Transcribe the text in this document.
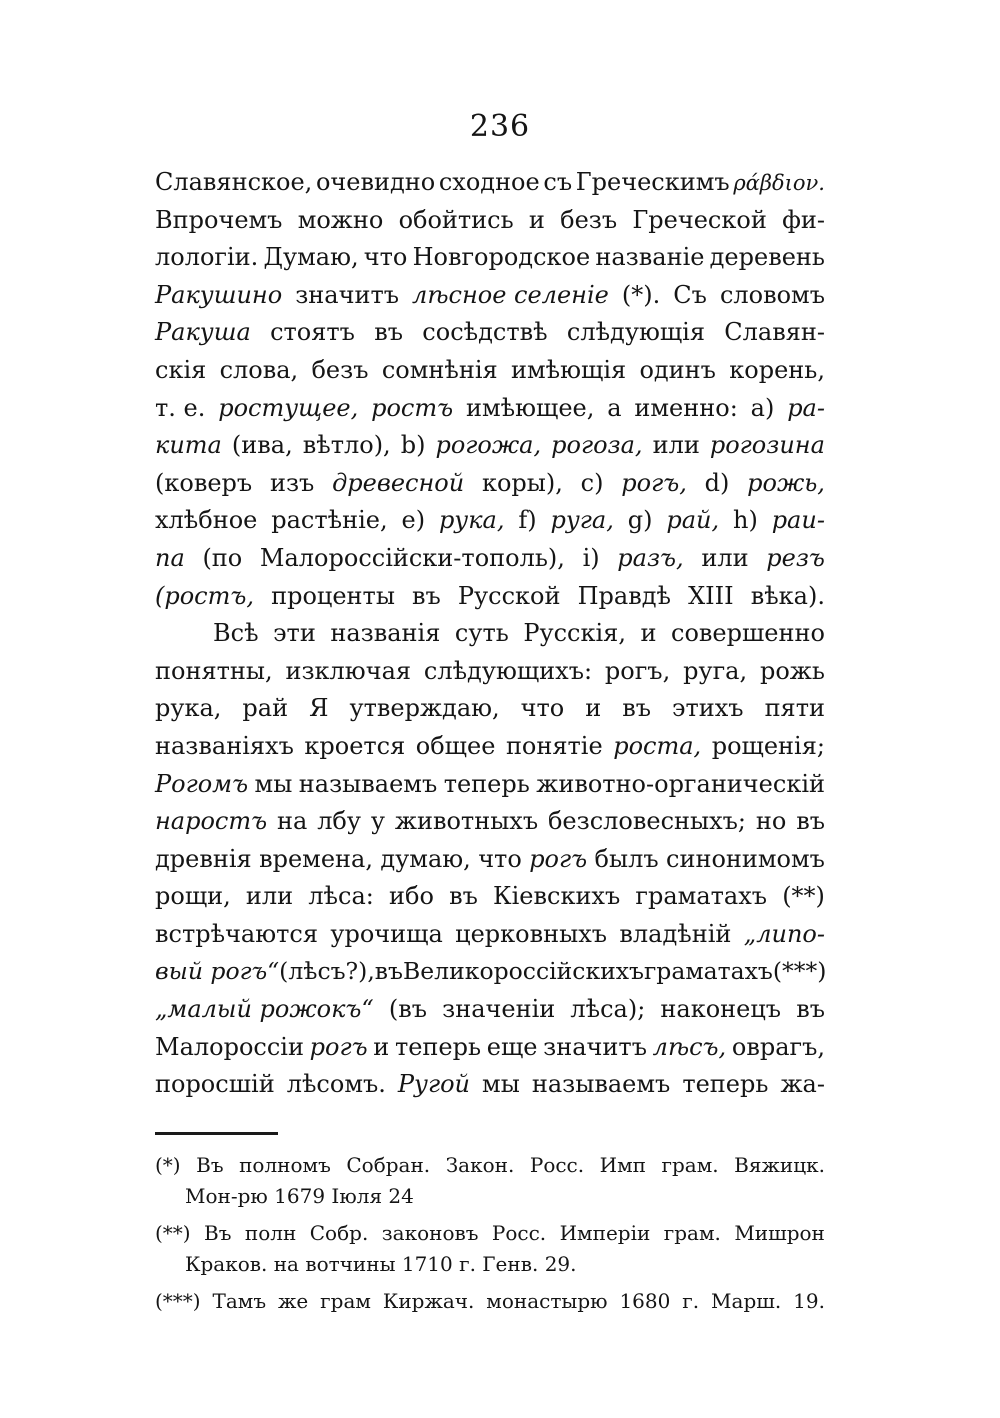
236
Славянское, очевидно сходное съ Греческимъ ράβδιον.
Впрочемъ можно обойтись и безъ Греческой фи-
лологiи. Думаю, что Новгородское названiе деревень
Ракушино значитъ лѣсное селенiе (*). Съ словомъ
Ракуша стоятъ въ сосѣдствѣ слѣдующiя Славян-
скiя слова, безъ сомнѣнiя имѣющiя одинъ корень,
т. е. ростущее, ростъ имѣющее, а именно: a) ра-
кита (ива, вѣтло), b) рогожа, рогоза, или рогозина
(коверъ изъ древесной коры), c) рогъ, d) рожь,
хлѣбное растѣнiе, e) рука, f) руга, g) рай, h) раи-
па (по Малороссiйски-тополь), i) разъ, или резъ
(ростъ, проценты въ Русской Правдѣ XIII вѣка).
Всѣ эти названiя суть Русскiя, и совершенно
понятны, изключая слѣдующихъ: рогъ, руга, рожь
рука, рай Я утверждаю, что и въ этихъ пяти
названiяхъ кроется общее понятiе роста, рощенiя;
Рогомъ мы называемъ теперь животно-органическiй
наростъ на лбу у животныхъ безсловесныхъ; но въ
древнiя времена, думаю, что рогъ былъ синонимомъ
рощи, или лѣса: ибо въ Кiевскихъ граматахъ (**)
встрѣчаются урочища церковныхъ владѣнiй „липо-
вый рогъ“ (лѣсъ?), въ Великороссiйскихъ граматахъ (***)
„малый рожокъ“ (въ значенiи лѣса); наконецъ въ
Малороссiи рогъ и теперь еще значитъ лѣсъ, оврагъ,
поросшiй лѣсомъ. Ругой мы называемъ теперь жа-
(*) Въ полномъ Собран. Закон. Росс. Имп грам. Вяжицк.
Мон-рю 1679 Iюля 24
(**) Въ полн Собр. законовъ Росс. Имперiи грам. Мишрон
Краков. на вотчины 1710 г. Генв. 29.
(***) Тамъ же грам Киржач. монастырю 1680 г. Марш. 19.
